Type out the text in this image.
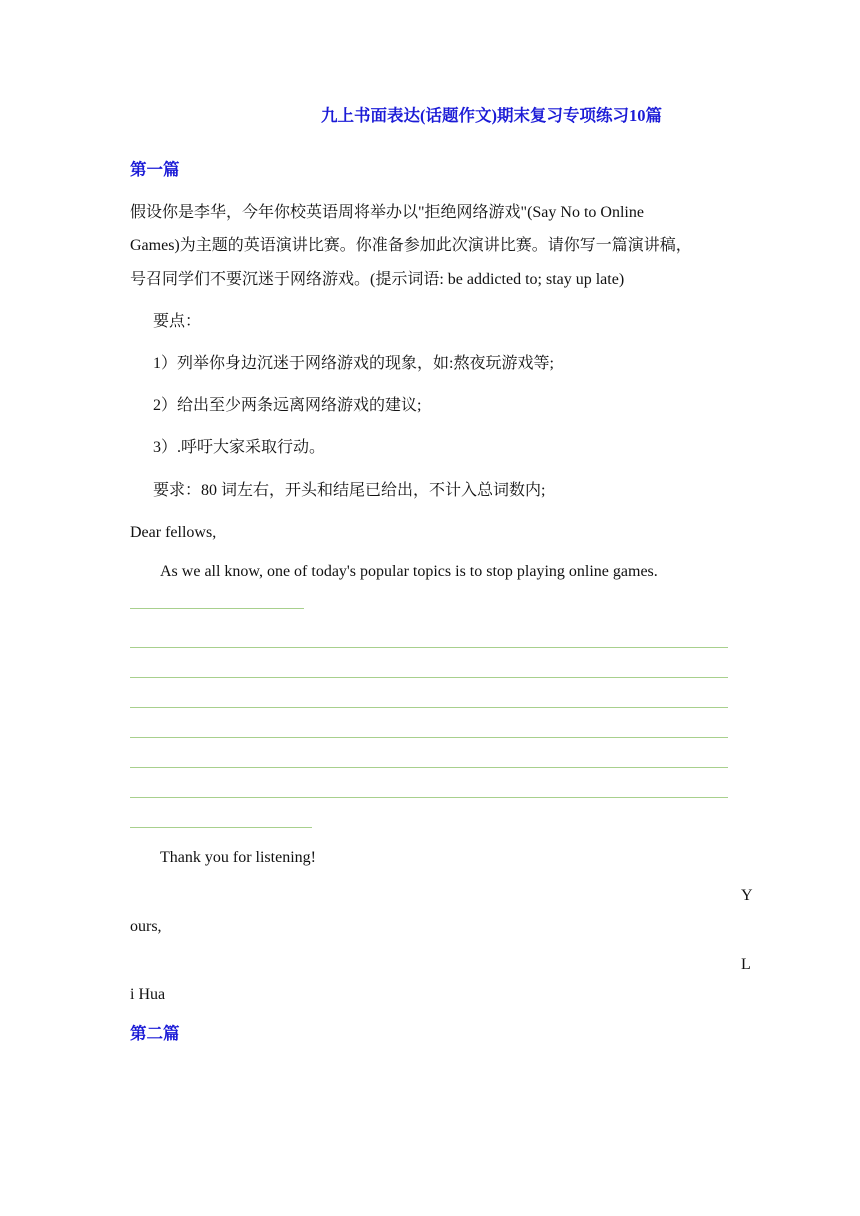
九上书面表达(话题作文)期末复习专项练习10篇
第一篇
假设你是李华，今年你校英语周将举办以"拒绝网络游戏"(Say No to Online
Games)为主题的英语演讲比赛。你准备参加此次演讲比赛。请你写一篇演讲稿，
号召同学们不要沉迷于网络游戏。(提示词语: be addicted to; stay up late)
要点：
1）列举你身边沉迷于网络游戏的现象，如:熬夜玩游戏等;
2）给出至少两条远离网络游戏的建议;
3）.呼吁大家采取行动。
要求：80 词左右，开头和结尾已给出，不计入总词数内;
Dear fellows,
As we all know, one of today's popular topics is to stop playing online games.
Thank you for listening!
Y
ours,
L
i Hua
第二篇
